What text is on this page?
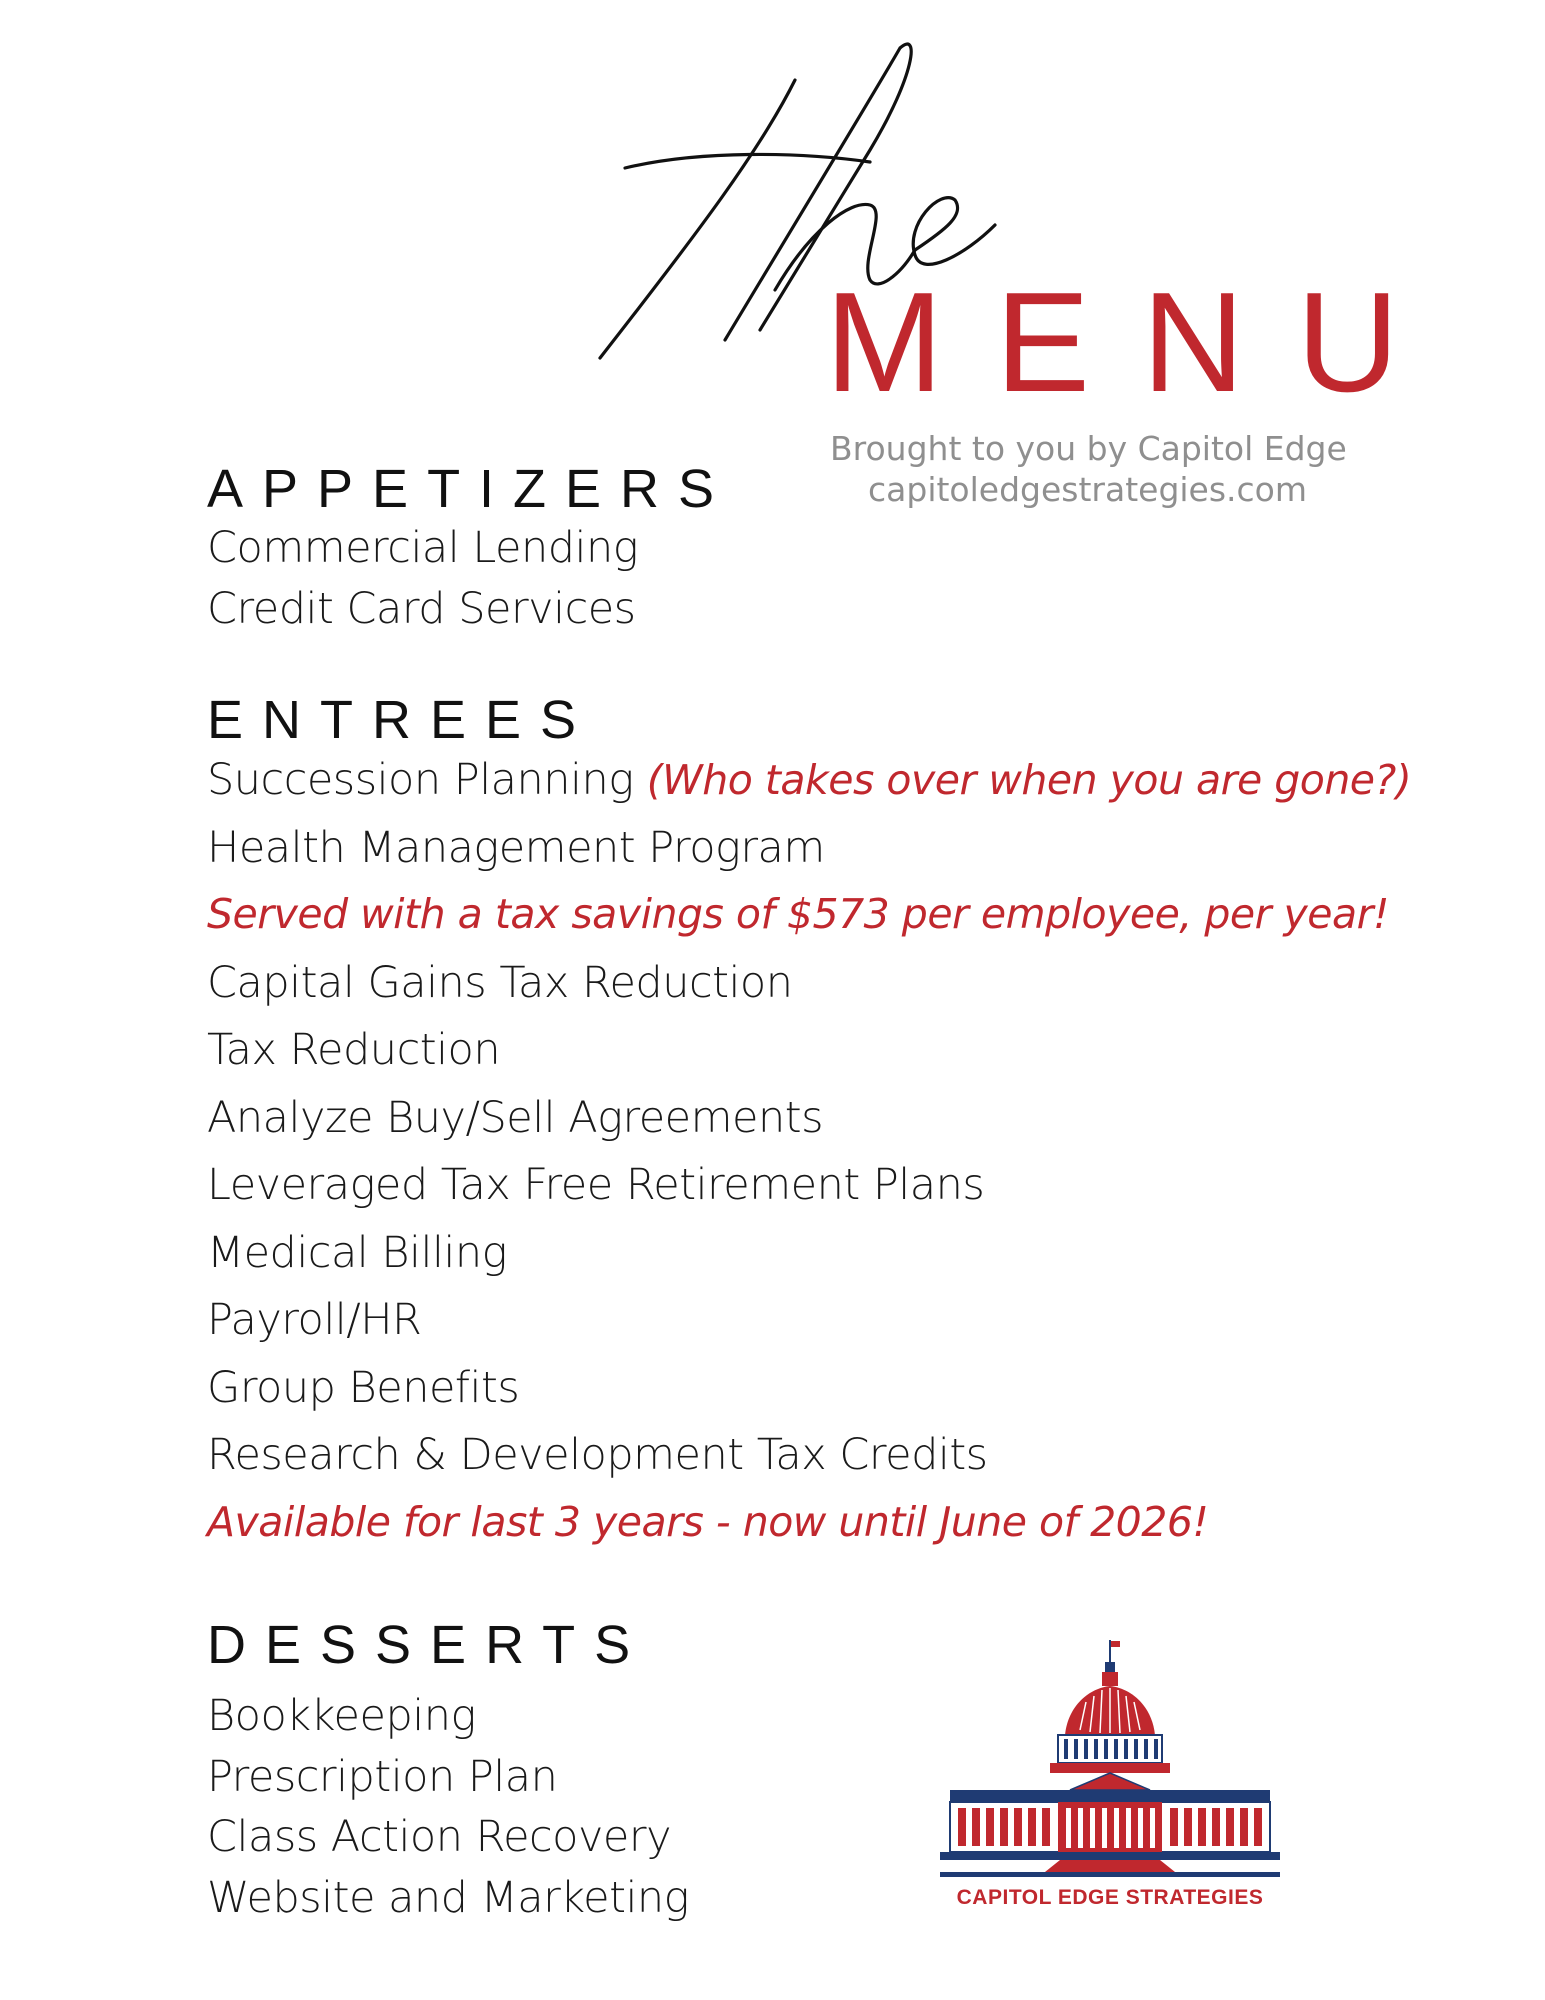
MENU
Brought to you by Capitol Edge
capitoledgestrategies.com
APPETIZERS
Commercial Lending
Credit Card Services
ENTREES
Succession Planning (Who takes over when you are gone?)
Health Management Program
Served with a tax savings of $573 per employee, per year!
Capital Gains Tax Reduction
Tax Reduction
Analyze Buy/Sell Agreements
Leveraged Tax Free Retirement Plans
Medical Billing
Payroll/HR
Group Benefits
Research & Development Tax Credits
Available for last 3 years - now until June of 2026!
DESSERTS
Bookkeeping
Prescription Plan
Class Action Recovery
Website and Marketing	CAPITOL EDGE STRATEGIES
